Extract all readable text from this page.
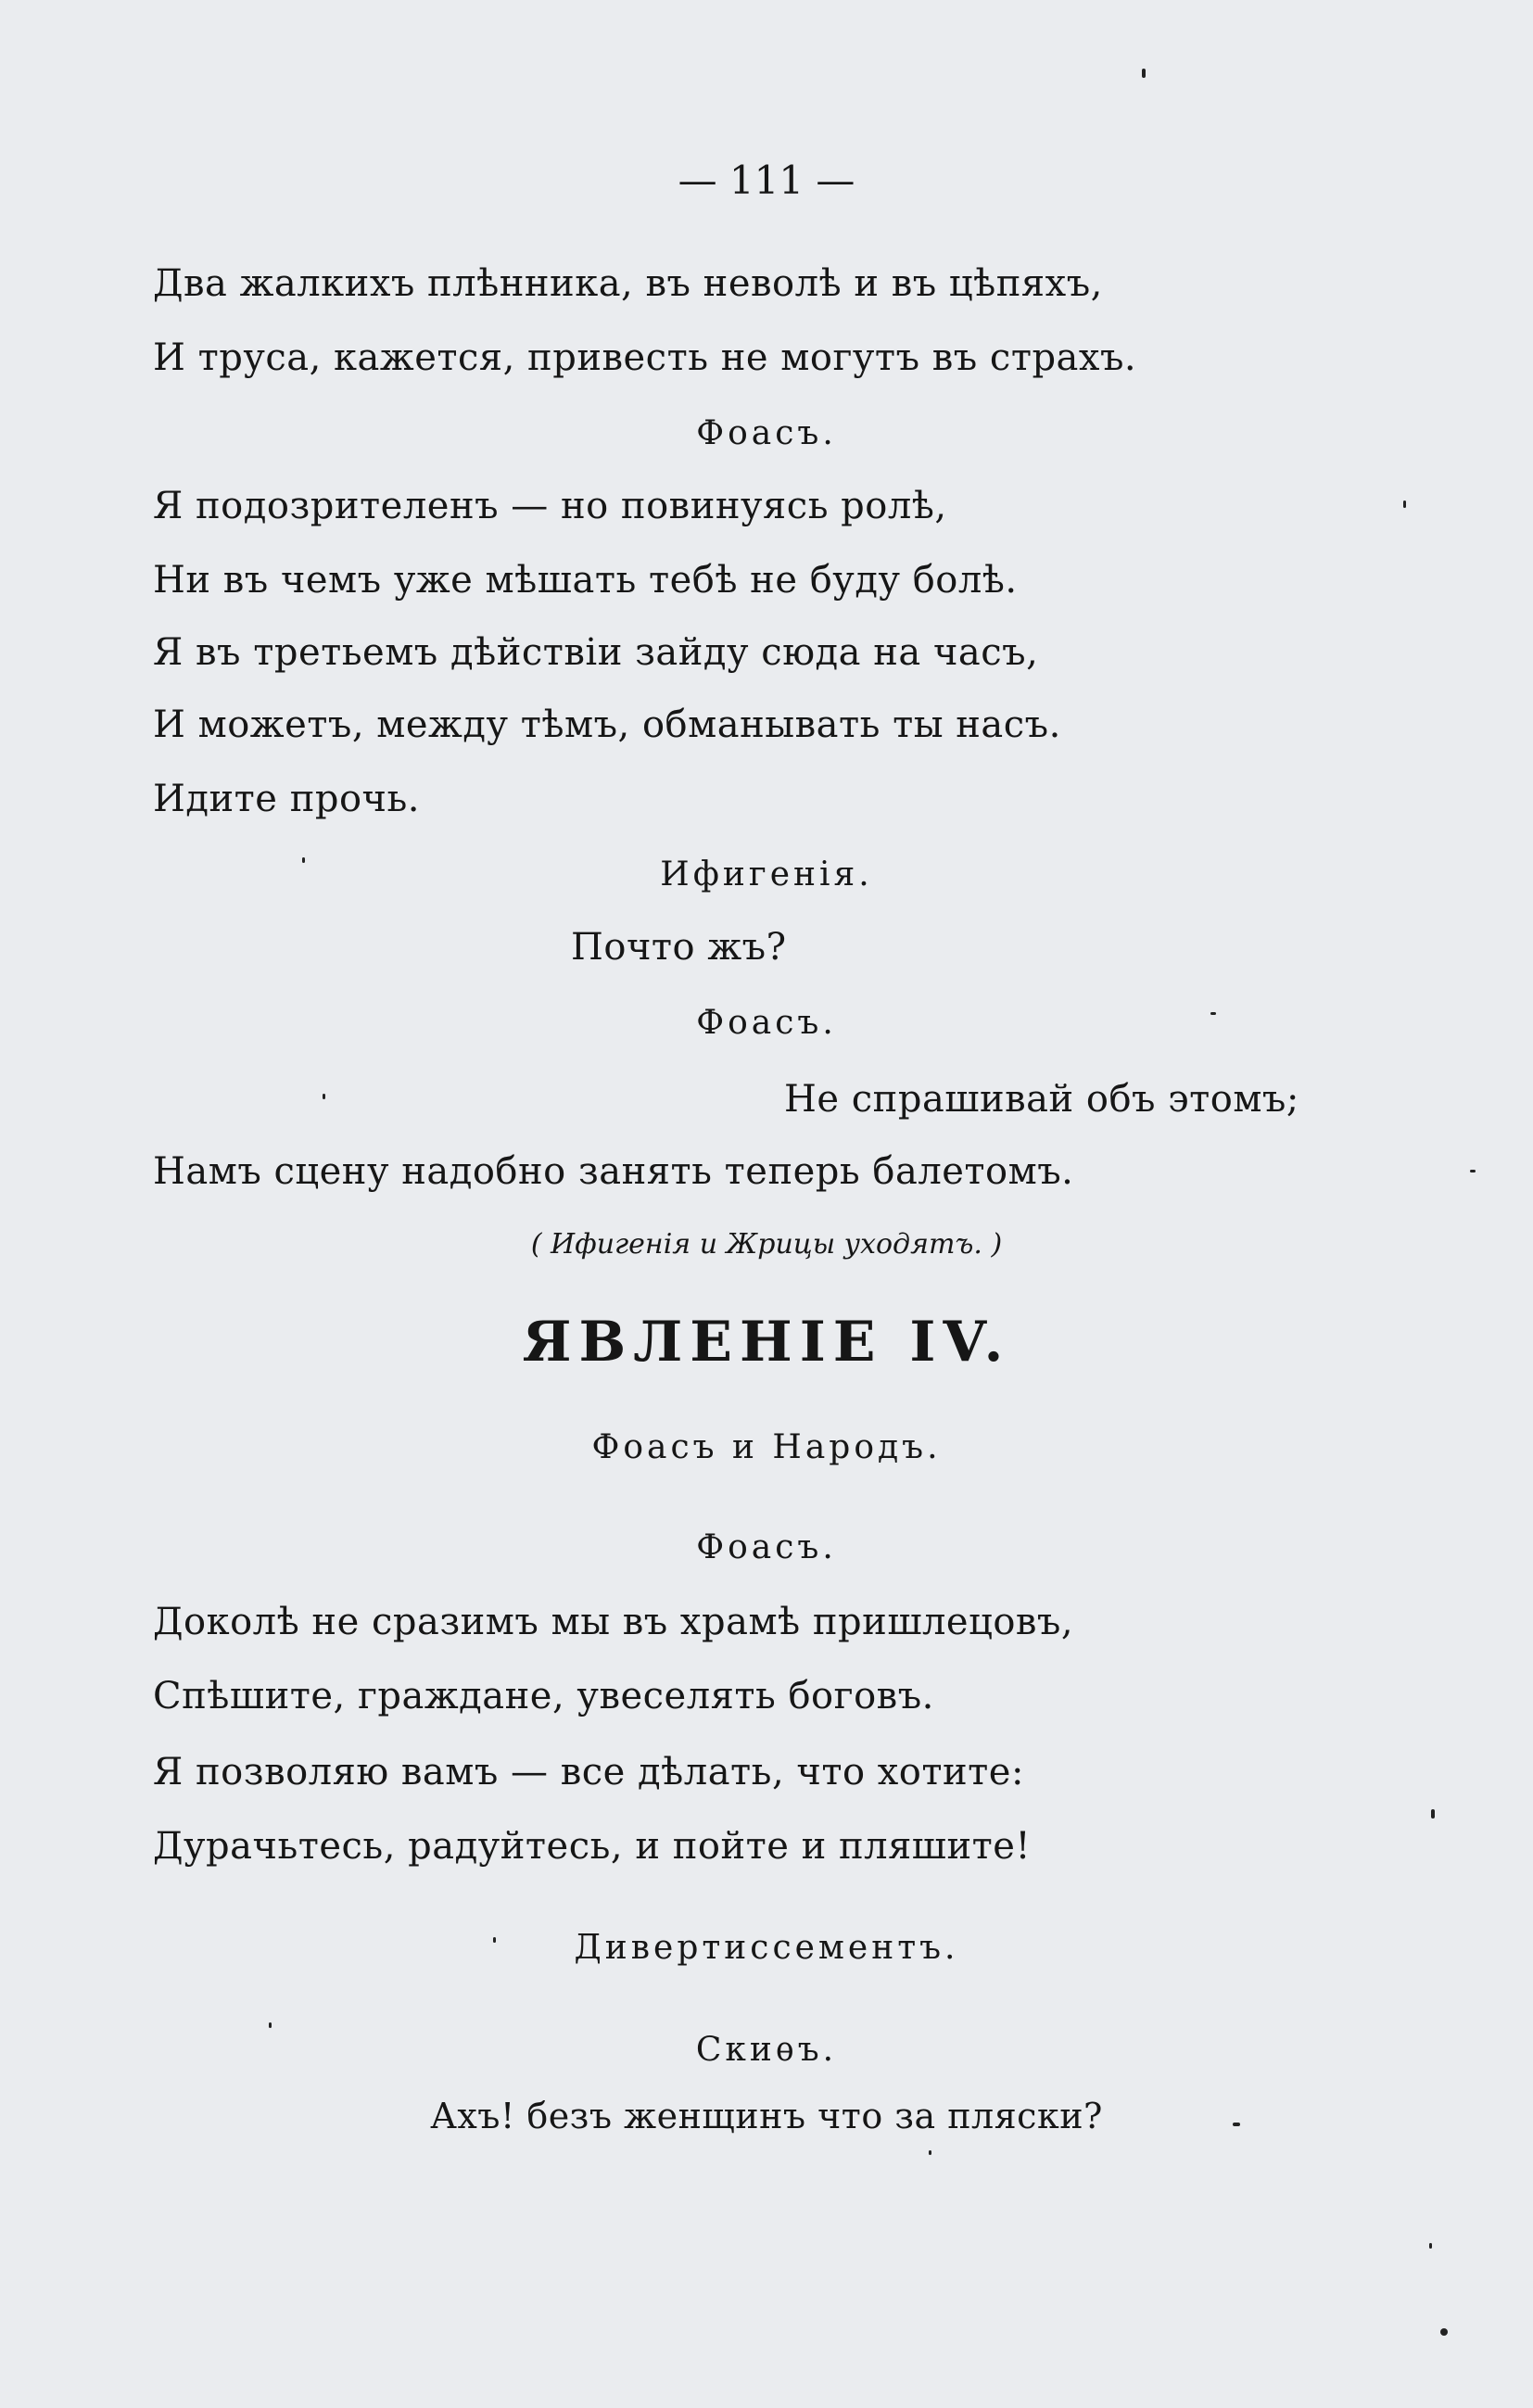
— 111 —
Два жалкихъ плѣнника, въ неволѣ и въ цѣпяхъ,
И труса, кажется, привесть не могутъ въ страхъ.
Фоасъ.
Я подозрителенъ — но повинуясь ролѣ,
Ни въ чемъ уже мѣшать тебѣ не буду болѣ.
Я въ третьемъ дѣйствіи зайду сюда на часъ,
И можетъ, между тѣмъ, обманывать ты насъ.
Идите прочь.
Ифигенія.
Почто жъ?
Фоасъ.
Не спрашивай объ этомъ;
Намъ сцену надобно занять теперь балетомъ.
( Ифигенія и Жрицы уходятъ. )
ЯВЛЕНІЕ IV.
Фоасъ и Народъ.
Фоасъ.
Доколѣ не сразимъ мы въ храмѣ пришлецовъ,
Спѣшите, граждане, увеселять боговъ.
Я позволяю вамъ — все дѣлать, что хотите:
Дурачьтесь, радуйтесь, и пойте и пляшите!
Дивертиссементъ.
Скиѳъ.
Ахъ! безъ женщинъ что за пляски?
